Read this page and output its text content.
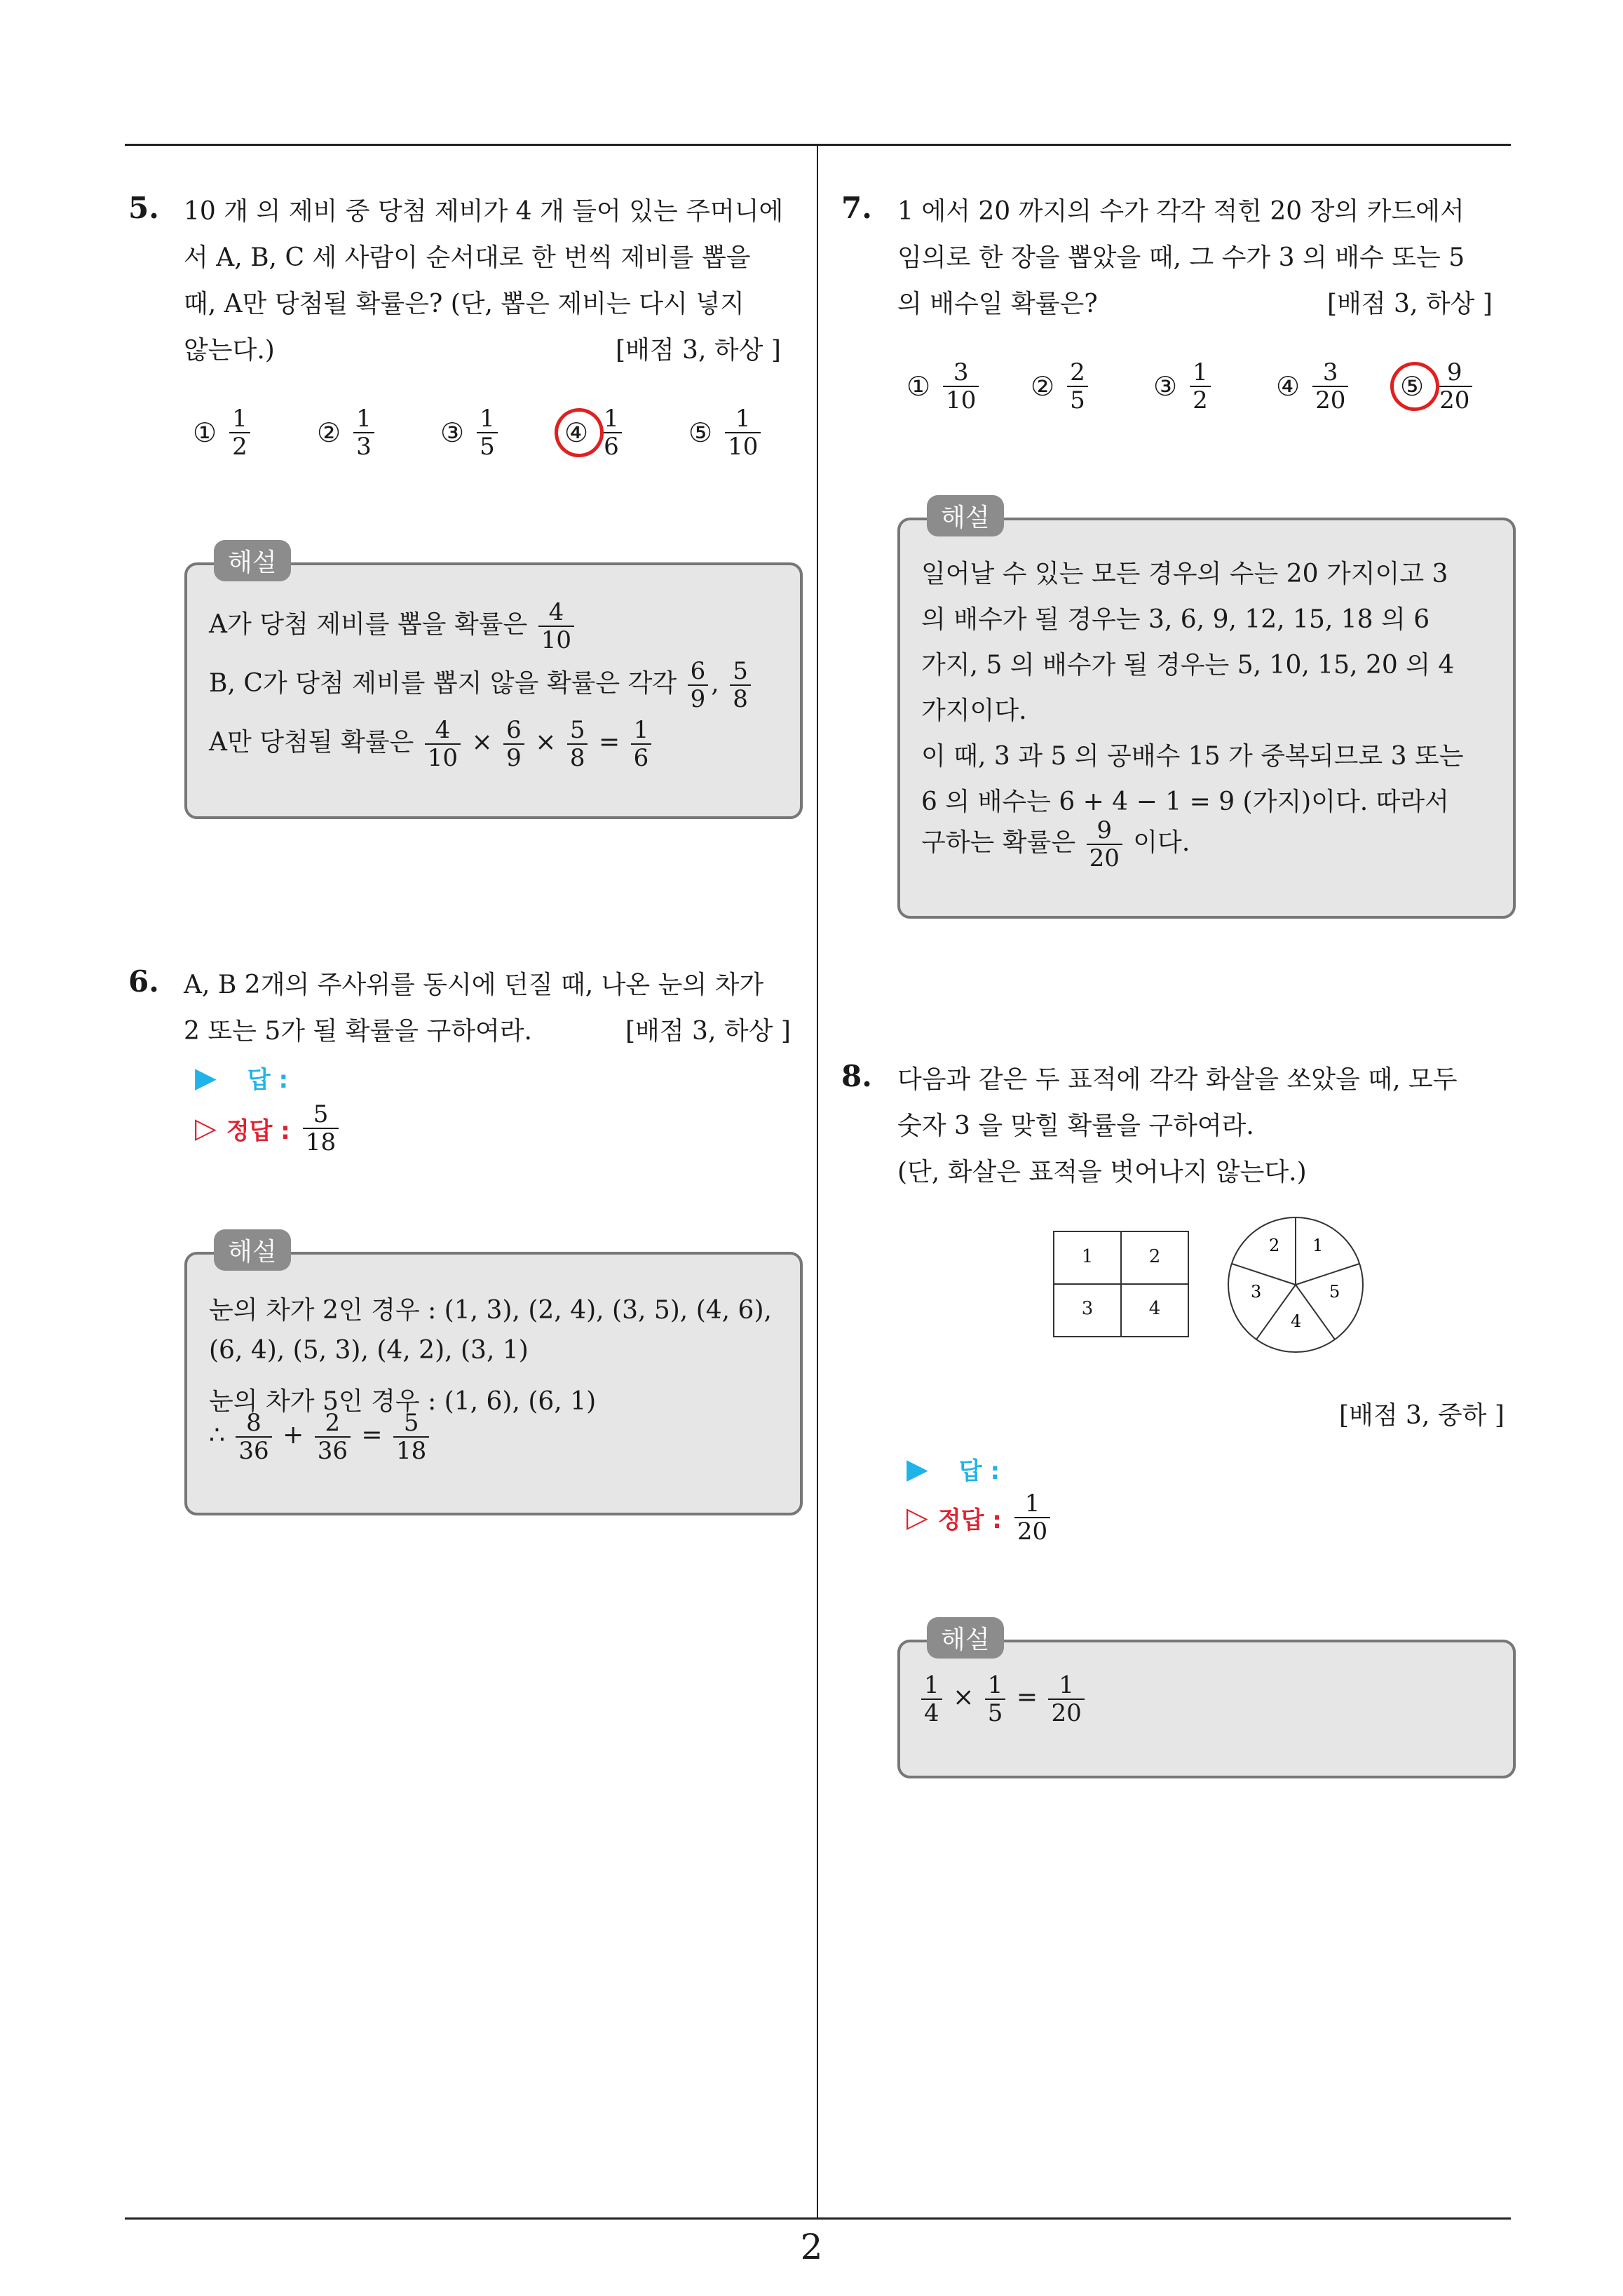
2
5. 10 개 의 제비 중 당첨 제비가 4 개 들어 있는 주머니에
서 A, B, C 세 사람이 순서대로 한 번씩 제비를 뽑을
때, A만 당첨될 확률은? (단, 뽑은 제비는 다시 넣지
않는다.)	[배점 3, 하상 ]
① $\frac{1}{2}$	② $\frac{1}{3}$ ③ $\frac{1}{5}$	④ $\frac{1}{6}$	⑤ $\frac{1}{10}$
해설
A가 당첨 제비를 뽑을 확률은 $\frac{4}{10}$
B, C가 당첨 제비를 뽑지 않을 확률은 각각 $\frac{6}{9}$ , $\frac{5}{8}$
A만 당첨될 확률은 $\frac{4}{10} \times \frac{6}{9} \times \frac{5}{8} = \frac{1}{6}$
6. A, B 2개의 주사위를 동시에 던질 때, 나온 눈의 차가
2 또는 5가 될 확률을 구하여라.	[배점 3, 하상 ]
▶ 답 :
▷ 정답 : $\frac{5}{18}$
해설
눈의 차가 2인 경우 : (1, 3), (2, 4), (3, 5), (4, 6),
(6, 4), (5, 3), (4, 2), (3, 1)
눈의 차가 5인 경우 : (1, 6), (6, 1)
∴ $\frac{8}{36} + \frac{2}{36} = \frac{5}{18}$
7. 1 에서 20 까지의 수가 각각 적힌 20 장의 카드에서
임의로 한 장을 뽑았을 때, 그 수가 3 의 배수 또는 5
의 배수일 확률은?	[배점 3, 하상 ]
① $\frac{3}{10}$ ② $\frac{2}{5}$ ③ $\frac{1}{2}$ ④ $\frac{3}{20}$ ⑤ $\frac{9}{20}$
해설
일어날 수 있는 모든 경우의 수는 20 가지이고 3
의 배수가 될 경우는 3, 6, 9, 12, 15, 18 의 6
가지, 5 의 배수가 될 경우는 5, 10, 15, 20 의 4
가지이다.
이 때, 3 과 5 의 공배수 15 가 중복되므로 3 또는
6 의 배수는 6 + 4 − 1 = 9 (가지)이다. 따라서
구하는 확률은 $\frac{9}{20}$ 이다.
8. 다음과 같은 두 표적에 각각 화살을 쏘았을 때, 모두
숫자 3 을 맞힐 확률을 구하여라.
(단, 화살은 표적을 벗어나지 않는다.)
1	2
3	4
2 1
3	5
4
[배점 3, 중하 ]
▶ 답 :
▷ 정답 : $\frac{1}{20}$
해설
$\frac{1}{4} \times \frac{1}{5} = \frac{1}{20}$
